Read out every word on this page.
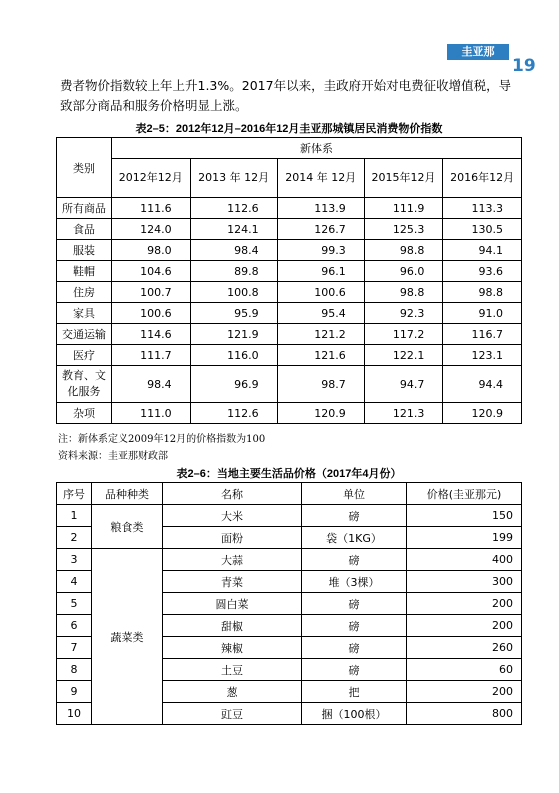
圭亚那
19
费者物价指数较上年上升1.3%。2017年以来，圭政府开始对电费征收增值税，导致部分商品和服务价格明显上涨。
表2–5：2012年12月–2016年12月圭亚那城镇居民消费物价指数
类别	新体系				
	2012年12月	2013 年 12月	2014 年 12月	2015年12月	2016年12月
所有商品	111.6	112.6	113.9	111.9	113.3
食品	124.0	124.1	126.7	125.3	130.5
服装	98.0	98.4	99.3	98.8	94.1
鞋帽	104.6	89.8	96.1	96.0	93.6
住房	100.7	100.8	100.6	98.8	98.8
家具	100.6	95.9	95.4	92.3	91.0
交通运输	114.6	121.9	121.2	117.2	116.7
医疗	111.7	116.0	121.6	122.1	123.1
教育、文化服务	98.4	96.9	98.7	94.7	94.4
杂项	111.0	112.6	120.9	121.3	120.9
注：新体系定义2009年12月的价格指数为100
资料来源：圭亚那财政部
表2–6：当地主要生活品价格（2017年4月份）
序号	品种种类	名称	单位	价格(圭亚那元)
1	粮食类	大米	磅	150
2		面粉	袋（1KG）	199
3	蔬菜类	大蒜	磅	400
4		青菜	堆（3棵）	300
5		圆白菜	磅	200
6		甜椒	磅	200
7		辣椒	磅	260
8		土豆	磅	60
9		葱	把	200
10		豇豆	捆（100根）	800
